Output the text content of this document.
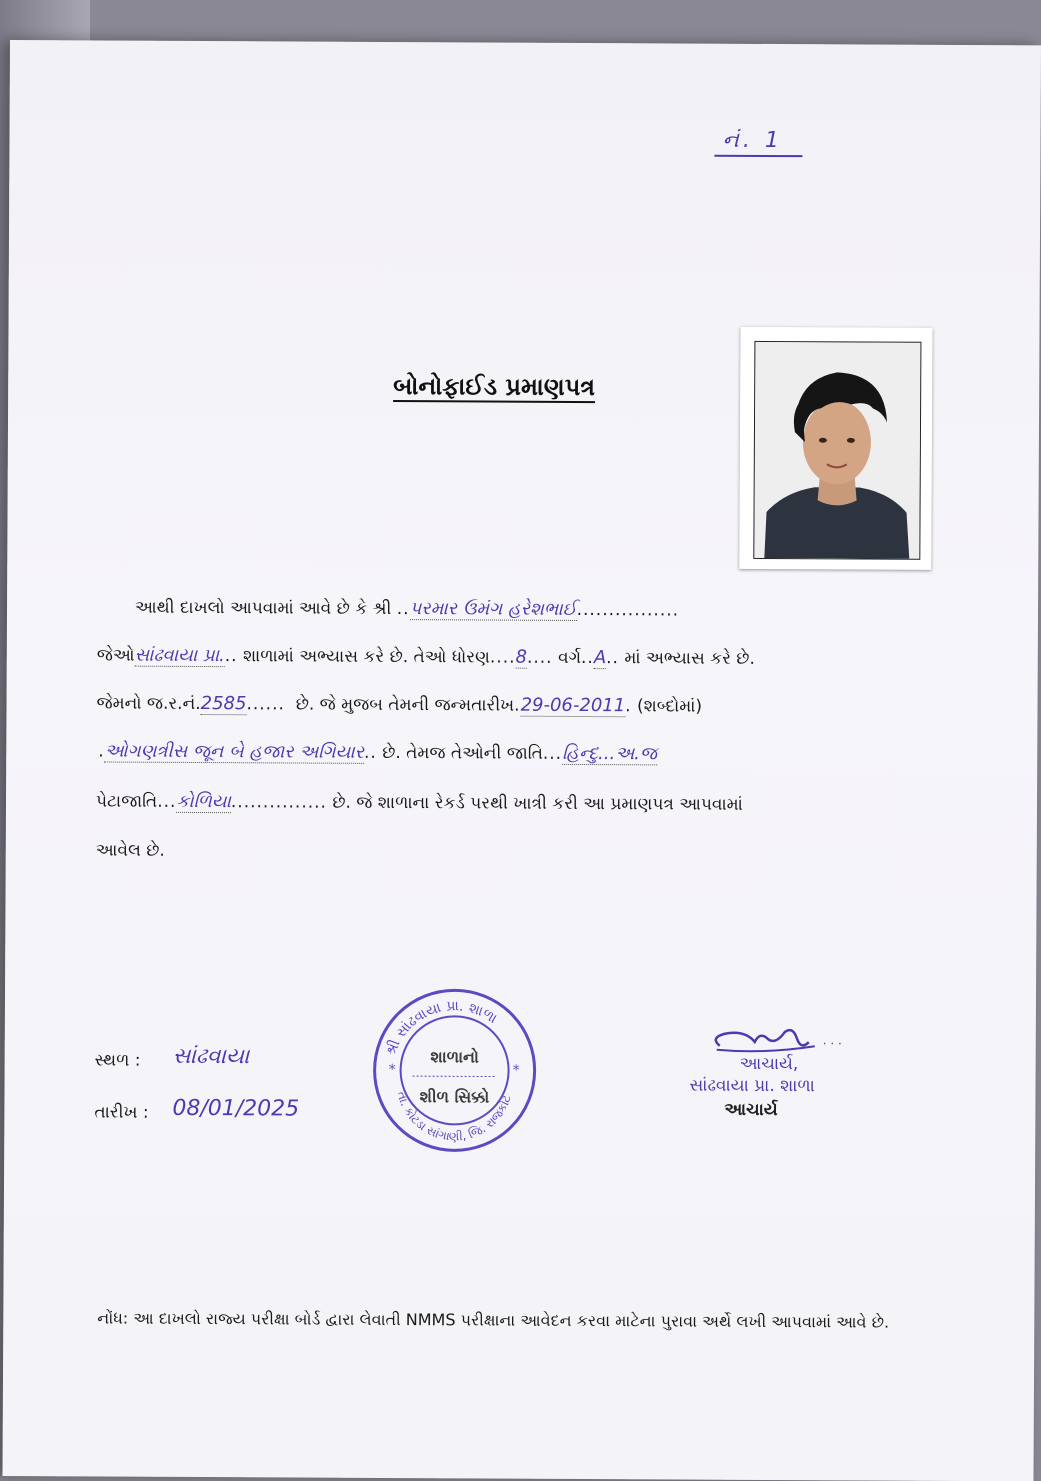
નં. 1
બોનોફાઈડ પ્રમાણપત્ર
આથી દાખલો આપવામાં આવે છે કે શ્રી ..પરમાર ઉમંગ હરેશભાઈ................
જેઓસાંઢવાયા પ્રા... શાળામાં અભ્યાસ કરે છે. તેઓ ધોરણ....8.... વર્ગ..A.. માં અભ્યાસ કરે છે.
જેમનો જ.ર.નં.2585...... છે. જે મુજબ તેમની જન્મતારીખ.29-06-2011. (શબ્દોમાં)
.ઓગણત્રીસ જૂન બે હજાર અગિયાર.. છે. તેમજ તેઓની જાતિ...હિન્દુ...અ.જ
પેટાજાતિ...કોળિયા............... છે. જે શાળાના રેકર્ડ પરથી ખાત્રી કરી આ પ્રમાણપત્ર આપવામાં
આવેલ છે.
સ્થળ : સાંઢવાયા
તારીખ : 08/01/2025
શ્રી સાંઢવાયા પ્રા. શાળા
તા. કોટડા સાંગાણી, જિ. રાજકોટ
*	*
શાળાનો
શીળ સિક્કો
. . .
આચાર્ય,
સાંઢવાયા પ્રા. શાળા
આચાર્ય
નોંધ: આ દાખલો રાજ્ય પરીક્ષા બોર્ડ દ્વારા લેવાતી NMMS પરીક્ષાના આવેદન કરવા માટેના પુરાવા અર્થે લખી આપવામાં આવે છે.
